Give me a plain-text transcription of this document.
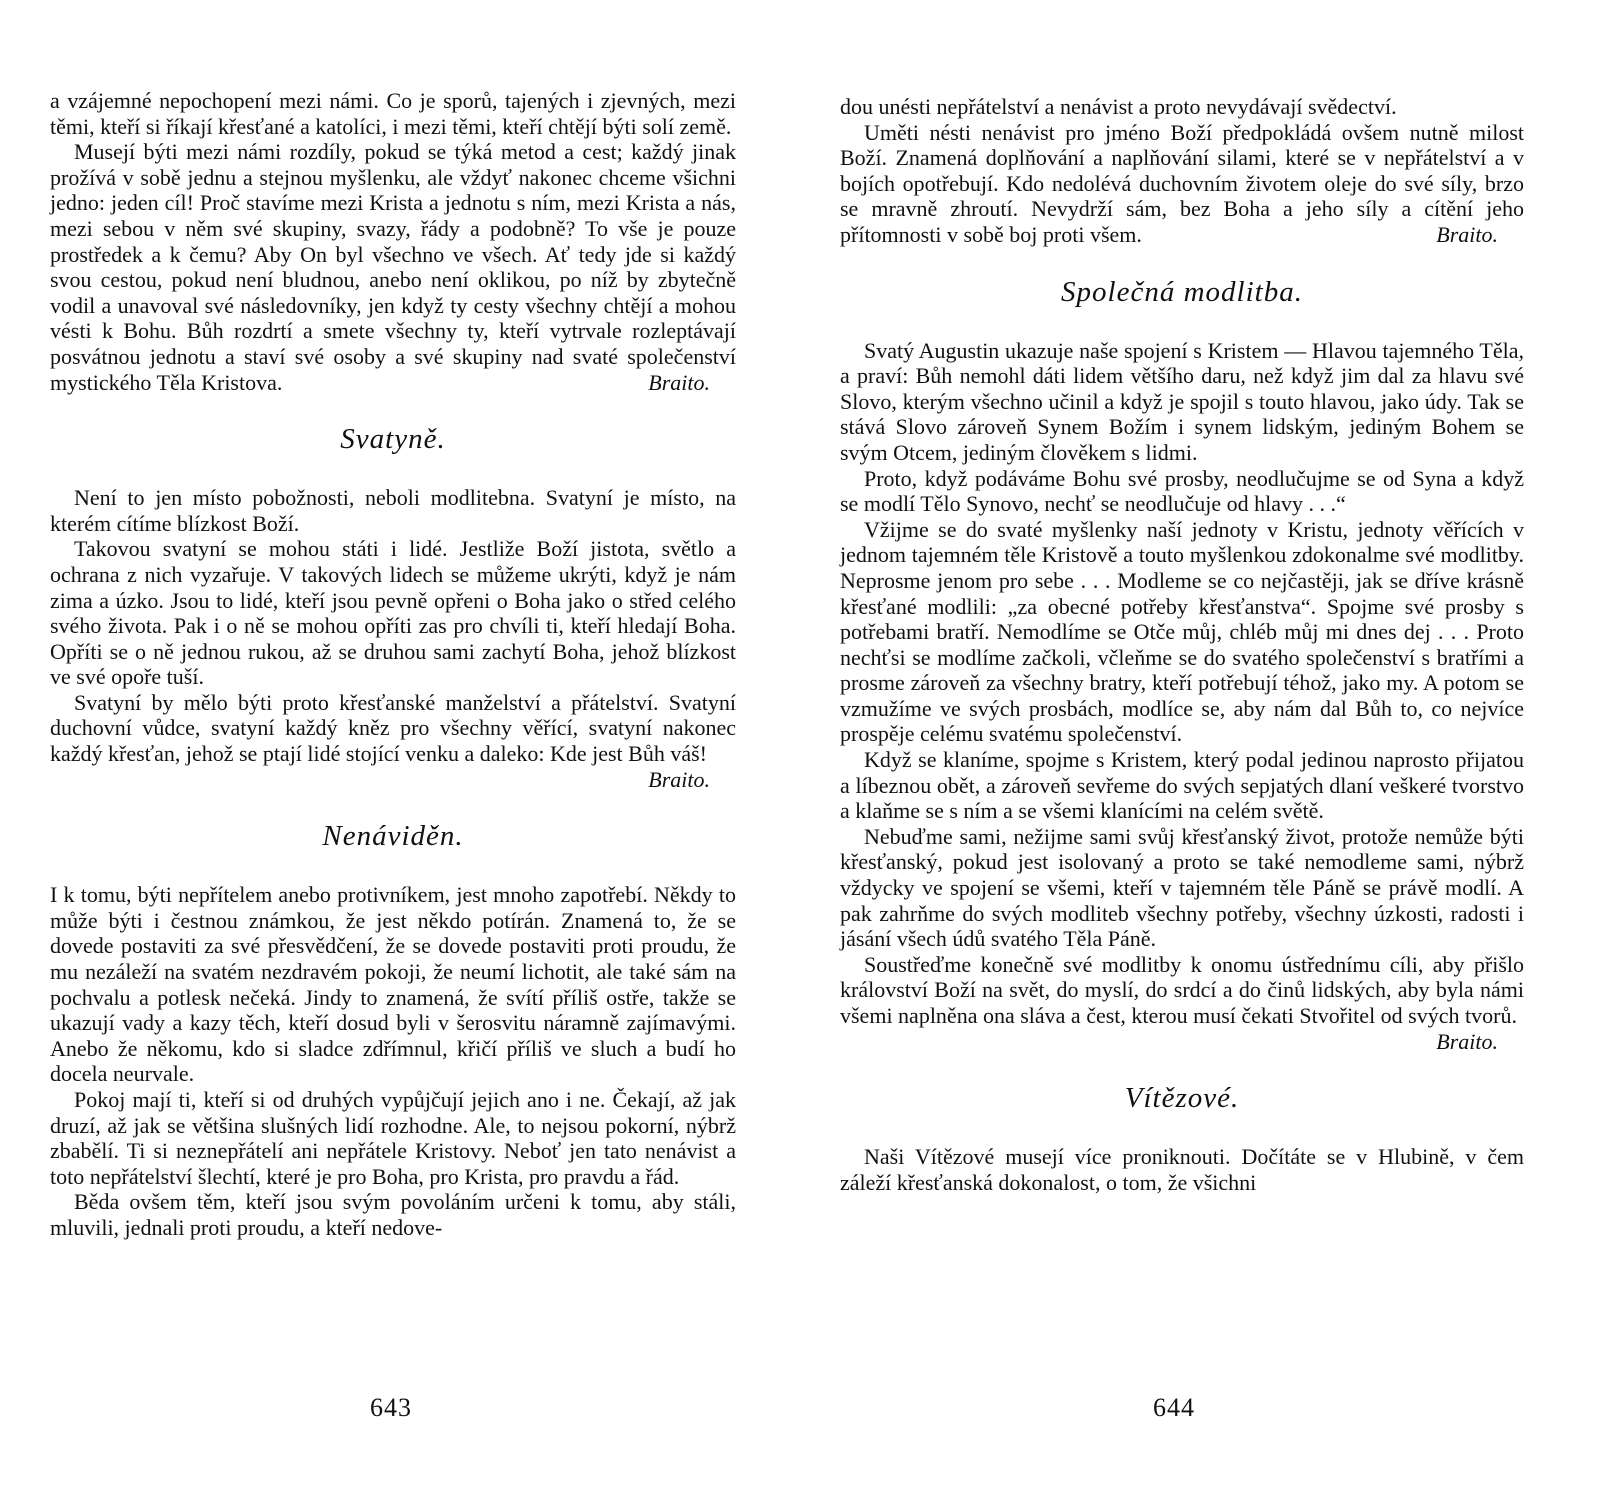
a vzájemné nepochopení mezi námi. Co je sporů, tajených i zjevných, mezi těmi, kteří si říkají křesťané a katolíci, i mezi těmi, kteří chtějí býti solí země.

Musejí býti mezi námi rozdíly, pokud se týká metod a cest; každý jinak prožívá v sobě jednu a stejnou myšlenku, ale vždyť nakonec chceme všichni jedno: jeden cíl! Proč stavíme mezi Krista a jednotu s ním, mezi Krista a nás, mezi sebou v něm své skupiny, svazy, řády a podobně? To vše je pouze prostředek a k čemu? Aby On byl všechno ve všech. Ať tedy jde si každý svou cestou, pokud není bludnou, anebo není oklikou, po níž by zbytečně vodil a unavoval své následovníky, jen když ty cesty všechny chtějí a mohou vésti k Bohu. Bůh rozdrtí a smete všechny ty, kteří vytrvale rozleptávají posvátnou jednotu a staví své osoby a své skupiny nad svaté společenství mystického Těla Kristova.	Braito.

Svatyně.

Není to jen místo pobožnosti, neboli modlitebna. Svatyní je místo, na kterém cítíme blízkost Boží.

Takovou svatyní se mohou státi i lidé. Jestliže Boží jistota, světlo a ochrana z nich vyzařuje. V takových lidech se můžeme ukrýti, když je nám zima a úzko. Jsou to lidé, kteří jsou pevně opřeni o Boha jako o střed celého svého života. Pak i o ně se mohou opříti zas pro chvíli ti, kteří hledají Boha. Opříti se o ně jednou rukou, až se druhou sami zachytí Boha, jehož blízkost ve své opoře tuší.

Svatyní by mělo býti proto křesťanské manželství a přátelství. Svatyní duchovní vůdce, svatyní každý kněz pro všechny věřící, svatyní nakonec každý křesťan, jehož se ptají lidé stojící venku a daleko: Kde jest Bůh váš!
Braito.

Nenáviděn.

I k tomu, býti nepřítelem anebo protivníkem, jest mnoho zapotřebí. Někdy to může býti i čestnou známkou, že jest někdo potírán. Znamená to, že se dovede postaviti za své přesvědčení, že se dovede postaviti proti proudu, že mu nezáleží na svatém nezdravém pokoji, že neumí lichotit, ale také sám na pochvalu a potlesk nečeká. Jindy to znamená, že svítí příliš ostře, takže se ukazují vady a kazy těch, kteří dosud byli v šerosvitu náramně zajímavými. Anebo že někomu, kdo si sladce zdřímnul, křičí příliš ve sluch a budí ho docela neurvale.

Pokoj mají ti, kteří si od druhých vypůjčují jejich ano i ne. Čekají, až jak druzí, až jak se většina slušných lidí rozhodne. Ale, to nejsou pokorní, nýbrž zbabělí. Ti si neznepřátelí ani nepřátele Kristovy. Neboť jen tato nenávist a toto nepřátelství šlechtí, které je pro Boha, pro Krista, pro pravdu a řád.

Běda ovšem těm, kteří jsou svým povoláním určeni k tomu, aby stáli, mluvili, jednali proti proudu, a kteří nedove-

643

dou unésti nepřátelství a nenávist a proto nevydávají svědectví.

Uměti nésti nenávist pro jméno Boží předpokládá ovšem nutně milost Boží. Znamená doplňování a naplňování silami, které se v nepřátelství a v bojích opotřebují. Kdo nedolévá duchovním životem oleje do své síly, brzo se mravně zhroutí. Nevydrží sám, bez Boha a jeho síly a cítění jeho přítomnosti v sobě boj proti všem.	Braito.

Společná modlitba.

Svatý Augustin ukazuje naše spojení s Kristem — Hlavou tajemného Těla, a praví: Bůh nemohl dáti lidem většího daru, než když jim dal za hlavu své Slovo, kterým všechno učinil a když je spojil s touto hlavou, jako údy. Tak se stává Slovo zároveň Synem Božím i synem lidským, jediným Bohem se svým Otcem, jediným člověkem s lidmi.

Proto, když podáváme Bohu své prosby, neodlučujme se od Syna a když se modlí Tělo Synovo, nechť se neodlučuje od hlavy . . .“

Vžijme se do svaté myšlenky naší jednoty v Kristu, jednoty věřících v jednom tajemném těle Kristově a touto myšlenkou zdokonalme své modlitby. Neprosme jenom pro sebe . . . Modleme se co nejčastěji, jak se dříve krásně křesťané modlili: „za obecné potřeby křesťanstva“. Spojme své prosby s potřebami bratří. Nemodlíme se Otče můj, chléb můj mi dnes dej . . . Proto nechťsi se modlíme začkoli, včleňme se do svatého společenství s bratřími a prosme zároveň za všechny bratry, kteří potřebují téhož, jako my. A potom se vzmužíme ve svých prosbách, modlíce se, aby nám dal Bůh to, co nejvíce prospěje celému svatému společenství.

Když se klaníme, spojme s Kristem, který podal jedinou naprosto přijatou a líbeznou obět, a zároveň sevřeme do svých sepjatých dlaní veškeré tvorstvo a klaňme se s ním a se všemi klanícími na celém světě.

Nebuďme sami, nežijme sami svůj křesťanský život, protože nemůže býti křesťanský, pokud jest isolovaný a proto se také nemodleme sami, nýbrž vždycky ve spojení se všemi, kteří v tajemném těle Páně se právě modlí. A pak zahrňme do svých modliteb všechny potřeby, všechny úzkosti, radosti i jásání všech údů svatého Těla Páně.

Soustřeďme konečně své modlitby k onomu ústřednímu cíli, aby přišlo království Boží na svět, do myslí, do srdcí a do činů lidských, aby byla námi všemi naplněna ona sláva a čest, kterou musí čekati Stvořitel od svých tvorů.
Braito.

Vítězové.

Naši Vítězové musejí více proniknouti. Dočítáte se v Hlubině, v čem záleží křesťanská dokonalost, o tom, že všichni

644
